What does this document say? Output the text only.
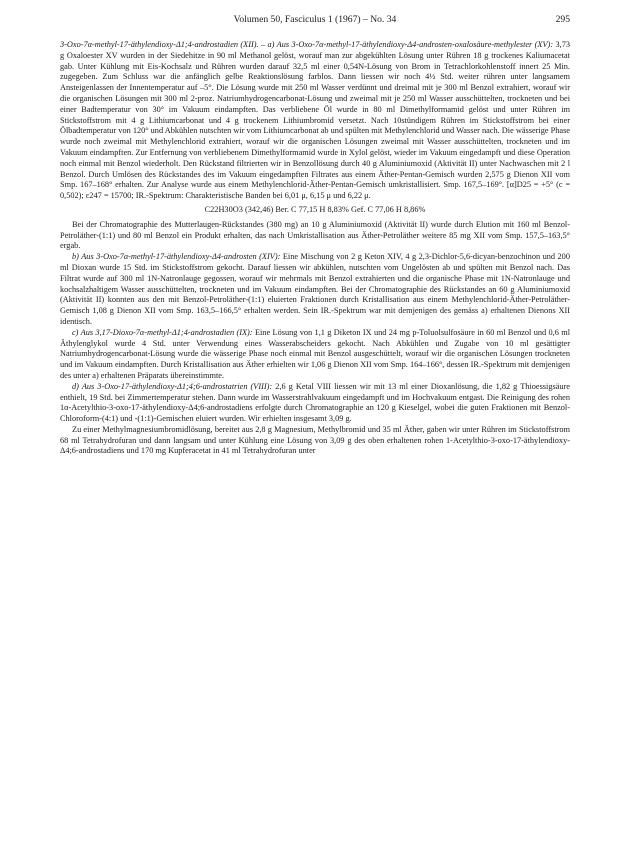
Volumen 50, Fasciculus 1 (1967) – No. 34	295

3-Oxo-7α-methyl-17-äthylendioxy-Δ1;4-androstadien (XII). – a) Aus 3-Oxo-7α-methyl-17-äthylendioxy-Δ4-androsten-oxalosäure-methylester (XV): 3,73 g Oxaloester XV wurden in der Siedehitze in 90 ml Methanol gelöst, worauf man zur abgekühlten Lösung unter Rühren 18 g trockenes Kaliumacetat gab. Unter Kühlung mit Eis-Kochsalz und Rühren wurden darauf 32,5 ml einer 0,54N-Lösung von Brom in Tetrachlorkohlenstoff innert 25 Min. zugegeben. Zum Schluss war die anfänglich gelbe Reaktionslösung farblos. Dann liessen wir noch 4½ Std. weiter rühren unter langsamem Ansteigenlassen der Innentemperatur auf –5°. Die Lösung wurde mit 250 ml Wasser verdünnt und dreimal mit je 300 ml Benzol extrahiert, worauf wir die organischen Lösungen mit 300 ml 2-proz. Natriumhydrogencarbonat-Lösung und zweimal mit je 250 ml Wasser ausschüttelten, trockneten und bei einer Badtemperatur von 30° im Vakuum eindampften. Das verbliebene Öl wurde in 80 ml Dimethylformamid gelöst und unter Rühren im Stickstoffstrom mit 4 g Lithiumcarbonat und 4 g trockenem Lithiumbromid versetzt. Nach 10stündigem Rühren im Stickstoffstrom bei einer Ölbadtemperatur von 120° und Abkühlen nutschten wir vom Lithiumcarbonat ab und spülten mit Methylenchlorid und Wasser nach. Die wässerige Phase wurde noch zweimal mit Methylenchlorid extrahiert, worauf wir die organischen Lösungen zweimal mit Wasser ausschüttelten, trockneten und im Vakuum eindampften. Zur Entfernung von verbliebenem Dimethylformamid wurde in Xylol gelöst, wieder im Vakuum eingedampft und diese Operation noch einmal mit Benzol wiederholt. Den Rückstand filtrierten wir in Benzollösung durch 40 g Aluminiumoxid (Aktivität II) unter Nachwaschen mit 2 l Benzol. Durch Umlösen des Rückstandes des im Vakuum eingedampften Filtrates aus einem Äther-Pentan-Gemisch wurden 2,575 g Dienon XII vom Smp. 167–168° erhalten. Zur Analyse wurde aus einem Methylenchlorid-Äther-Pentan-Gemisch umkristallisiert. Smp. 167,5–169°. [α]D25 = +5° (c = 0,502); ε247 = 15700; IR.-Spektrum: Charakteristische Banden bei 6,01 μ, 6,15 μ und 6,22 μ.

C22H30O3 (342,46) Ber. C 77,15 H 8,83% Gef. C 77,06 H 8,86%

Bei der Chromatographie des Mutterlaugen-Rückstandes (380 mg) an 10 g Aluminiumoxid (Aktivität II) wurde durch Elution mit 160 ml Benzol-Petroläther-(1:1) und 80 ml Benzol ein Produkt erhalten, das nach Umkristallisation aus Äther-Petroläther weitere 85 mg XII vom Smp. 157,5–163,5° ergab.

b) Aus 3-Oxo-7α-methyl-17-äthylendioxy-Δ4-androsten (XIV): Eine Mischung von 2 g Keton XIV, 4 g 2,3-Dichlor-5,6-dicyan-benzochinon und 200 ml Dioxan wurde 15 Std. im Stickstoffstrom gekocht. Darauf liessen wir abkühlen, nutschten vom Ungelösten ab und spülten mit Benzol nach. Das Filtrat wurde auf 300 ml 1N-Natronlauge gegossen, worauf wir mehrmals mit Benzol extrahierten und die organische Phase mit 1N-Natronlauge und kochsalzhaltigem Wasser ausschüttelten, trockneten und im Vakuum eindampften. Bei der Chromatographie des Rückstandes an 60 g Aluminiumoxid (Aktivität II) konnten aus den mit Benzol-Petroläther-(1:1) eluierten Fraktionen durch Kristallisation aus einem Methylenchlorid-Äther-Petroläther-Gemisch 1,08 g Dienon XII vom Smp. 163,5–166,5° erhalten werden. Sein IR.-Spektrum war mit demjenigen des gemäss a) erhaltenen Dienons XII identisch.

c) Aus 3,17-Dioxo-7α-methyl-Δ1;4-androstadien (IX): Eine Lösung von 1,1 g Diketon IX und 24 mg p-Toluolsulfosäure in 60 ml Benzol und 0,6 ml Äthylenglykol wurde 4 Std. unter Verwendung eines Wasserabscheiders gekocht. Nach Abkühlen und Zugabe von 10 ml gesättigter Natriumhydrogencarbonat-Lösung wurde die wässerige Phase noch einmal mit Benzol ausgeschüttelt, worauf wir die organischen Lösungen trockneten und im Vakuum eindampften. Durch Kristallisation aus Äther erhielten wir 1,06 g Dienon XII vom Smp. 164–166°, dessen IR.-Spektrum mit demjenigen des unter a) erhaltenen Präparats übereinstimmte.

d) Aus 3-Oxo-17-äthylendioxy-Δ1;4;6-androstatrien (VIII): 2,6 g Ketal VIII liessen wir mit 13 ml einer Dioxanlösung, die 1,82 g Thioessigsäure enthielt, 19 Std. bei Zimmertemperatur stehen. Dann wurde im Wasserstrahlvakuum eingedampft und im Hochvakuum entgast. Die Reinigung des rohen 1α-Acetylthio-3-oxo-17-äthylendioxy-Δ4;6-androstadiens erfolgte durch Chromatographie an 120 g Kieselgel, wobei die guten Fraktionen mit Benzol-Chloroform-(4:1) und -(1:1)-Gemischen eluiert wurden. Wir erhielten insgesamt 3,09 g.

Zu einer Methylmagnesiumbromidlösung, bereitet aus 2,8 g Magnesium, Methylbromid und 35 ml Äther, gaben wir unter Rühren im Stickstoffstrom 68 ml Tetrahydrofuran und dann langsam und unter Kühlung eine Lösung von 3,09 g des oben erhaltenen rohen 1-Acetylthio-3-oxo-17-äthylendioxy-Δ4;6-androstadiens und 170 mg Kupferacetat in 41 ml Tetrahydrofuran unter
